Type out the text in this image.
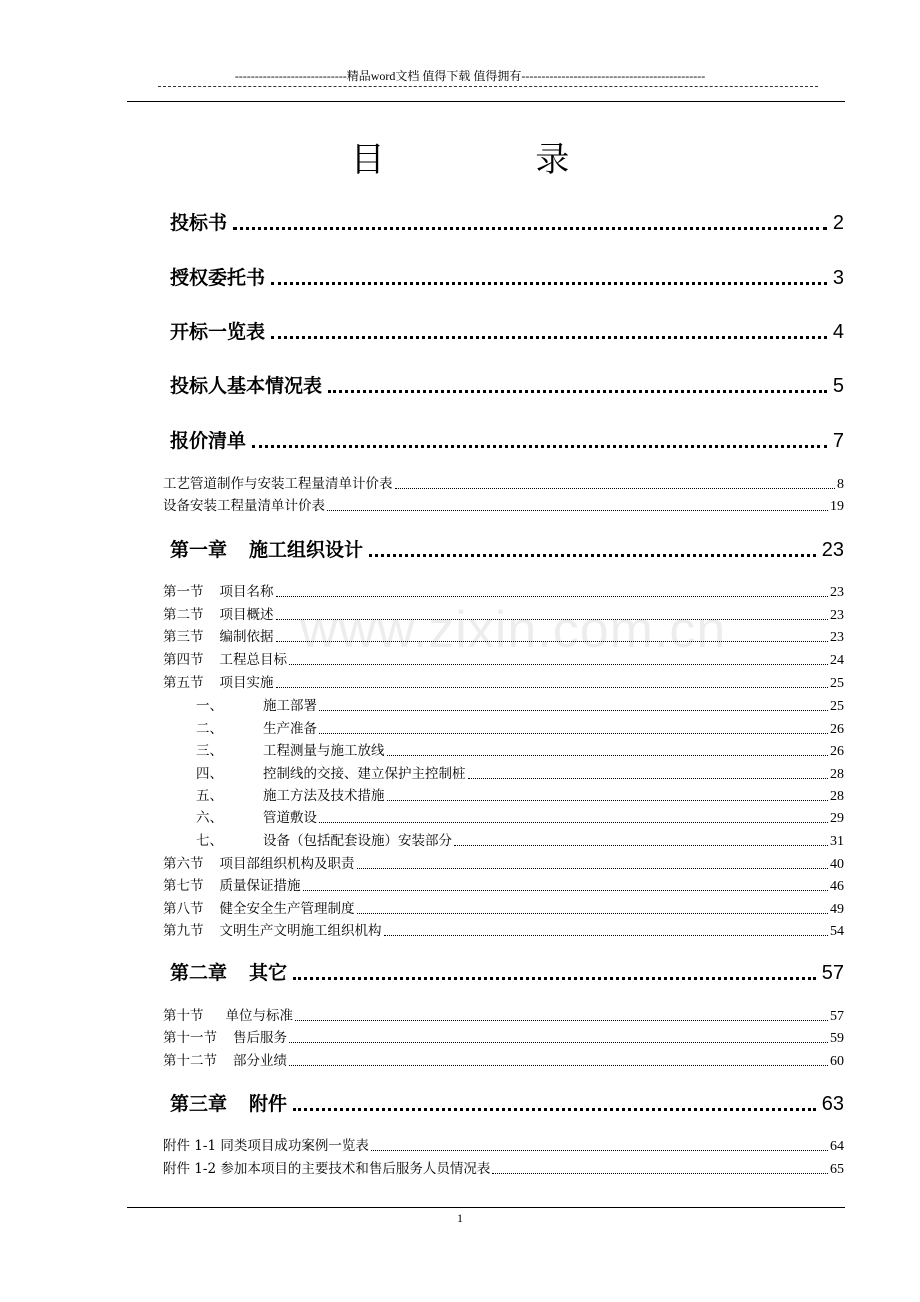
----------------------------精品word文档 值得下载 值得拥有----------------------------------------------
目 录
www.zixin.com.cn
投标书	2
授权委托书	3
开标一览表	4
投标人基本情况表	5
报价清单	7
工艺管道制作与安装工程量清单计价表	8
设备安装工程量清单计价表	19
第一章 施工组织设计	23
第一节 项目名称	23
第二节 项目概述	23
第三节 编制依据	23
第四节 工程总目标	24
第五节 项目实施	25
一、	施工部署	25
二、	生产准备	26
三、	工程测量与施工放线	26
四、	控制线的交接、建立保护主控制桩	28
五、	施工方法及技术措施	28
六、	管道敷设	29
七、	设备（包括配套设施）安装部分	31
第六节 项目部组织机构及职责	40
第七节 质量保证措施	46
第八节 健全安全生产管理制度	49
第九节 文明生产文明施工组织机构	54
第二章 其它	57
第十节 单位与标准	57
第十一节 售后服务	59
第十二节 部分业绩	60
第三章 附件	63
附件 1-1 同类项目成功案例一览表	64
附件 1-2 参加本项目的主要技术和售后服务人员情况表	65
1
